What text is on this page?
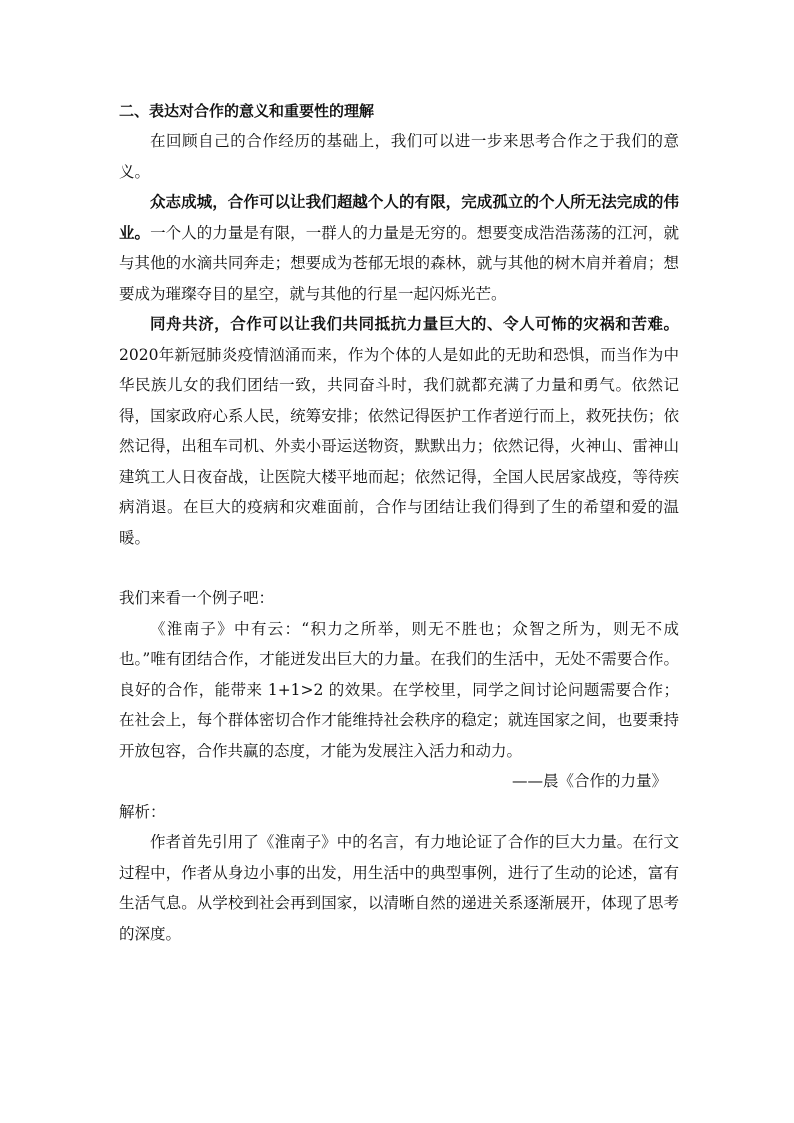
二、表达对合作的意义和重要性的理解

在回顾自己的合作经历的基础上，我们可以进一步来思考合作之于我们的意义。

众志成城，合作可以让我们超越个人的有限，完成孤立的个人所无法完成的伟业。一个人的力量是有限，一群人的力量是无穷的。想要变成浩浩荡荡的江河，就与其他的水滴共同奔走；想要成为苍郁无垠的森林，就与其他的树木肩并着肩；想要成为璀璨夺目的星空，就与其他的行星一起闪烁光芒。

同舟共济，合作可以让我们共同抵抗力量巨大的、令人可怖的灾祸和苦难。2020年新冠肺炎疫情汹涌而来，作为个体的人是如此的无助和恐惧，而当作为中华民族儿女的我们团结一致，共同奋斗时，我们就都充满了力量和勇气。依然记得，国家政府心系人民，统筹安排；依然记得医护工作者逆行而上，救死扶伤；依然记得，出租车司机、外卖小哥运送物资，默默出力；依然记得，火神山、雷神山建筑工人日夜奋战，让医院大楼平地而起；依然记得，全国人民居家战疫，等待疾病消退。在巨大的疫病和灾难面前，合作与团结让我们得到了生的希望和爱的温暖。

我们来看一个例子吧：

《淮南子》中有云：“积力之所举，则无不胜也；众智之所为，则无不成也。”唯有团结合作，才能迸发出巨大的力量。在我们的生活中，无处不需要合作。良好的合作，能带来 1+1>2 的效果。在学校里，同学之间讨论问题需要合作；在社会上，每个群体密切合作才能维持社会秩序的稳定；就连国家之间，也要秉持开放包容，合作共赢的态度，才能为发展注入活力和动力。

——晨《合作的力量》

解析：

作者首先引用了《淮南子》中的名言，有力地论证了合作的巨大力量。在行文过程中，作者从身边小事的出发，用生活中的典型事例，进行了生动的论述，富有生活气息。从学校到社会再到国家，以清晰自然的递进关系逐渐展开，体现了思考的深度。
